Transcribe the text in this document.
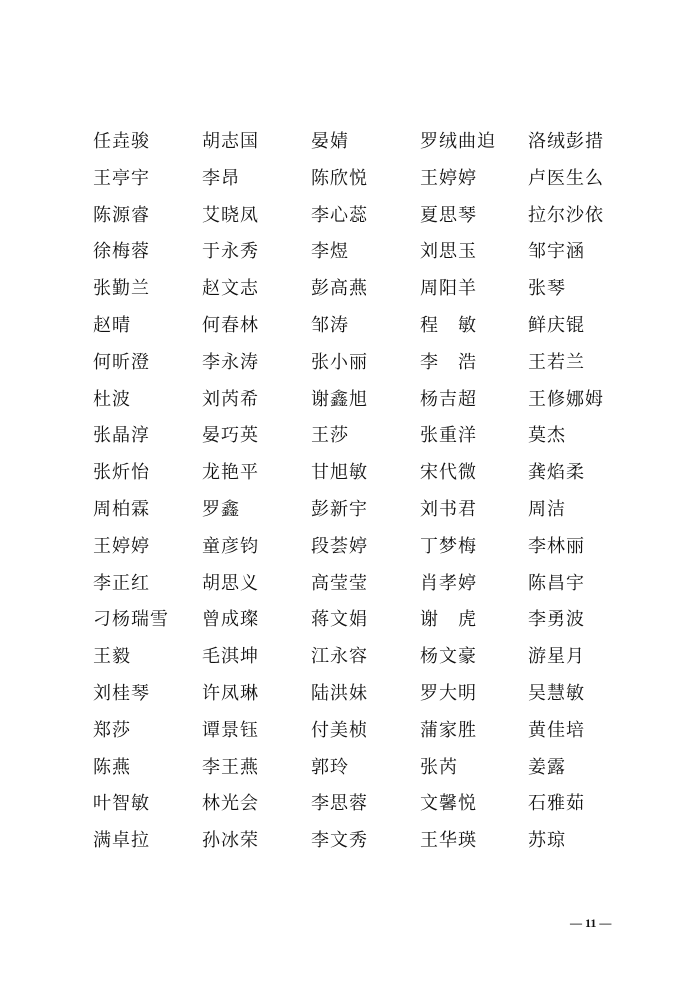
任垚骏	胡志国	晏婧	罗绒曲迫	洛绒彭措
王亭宇	李昂	陈欣悦	王婷婷	卢医生么
陈源睿	艾晓凤	李心蕊	夏思琴	拉尔沙依
徐梅蓉	于永秀	李煜	刘思玉	邹宇涵
张勤兰	赵文志	彭高燕	周阳羊	张琴
赵晴	何春林	邹涛	程　敏	鲜庆锟
何昕澄	李永涛	张小丽	李　浩	王若兰
杜波	刘芮希	谢鑫旭	杨吉超	王修娜姆
张晶淳	晏巧英	王莎	张重洋	莫杰
张炘怡	龙艳平	甘旭敏	宋代微	龚焰柔
周柏霖	罗鑫	彭新宇	刘书君	周洁
王婷婷	童彦钧	段荟婷	丁梦梅	李林丽
李正红	胡思义	高莹莹	肖孝婷	陈昌宇
刁杨瑞雪	曾成璨	蒋文娟	谢　虎	李勇波
王毅	毛淇坤	江永容	杨文豪	游星月
刘桂琴	许凤琳	陆洪妹	罗大明	吴慧敏
郑莎	谭景钰	付美桢	蒲家胜	黄佳培
陈燕	李王燕	郭玲	张芮	姜露
叶智敏	林光会	李思蓉	文馨悦	石雅茹
满卓拉	孙冰荣	李文秀	王华瑛	苏琼
— 11 —
